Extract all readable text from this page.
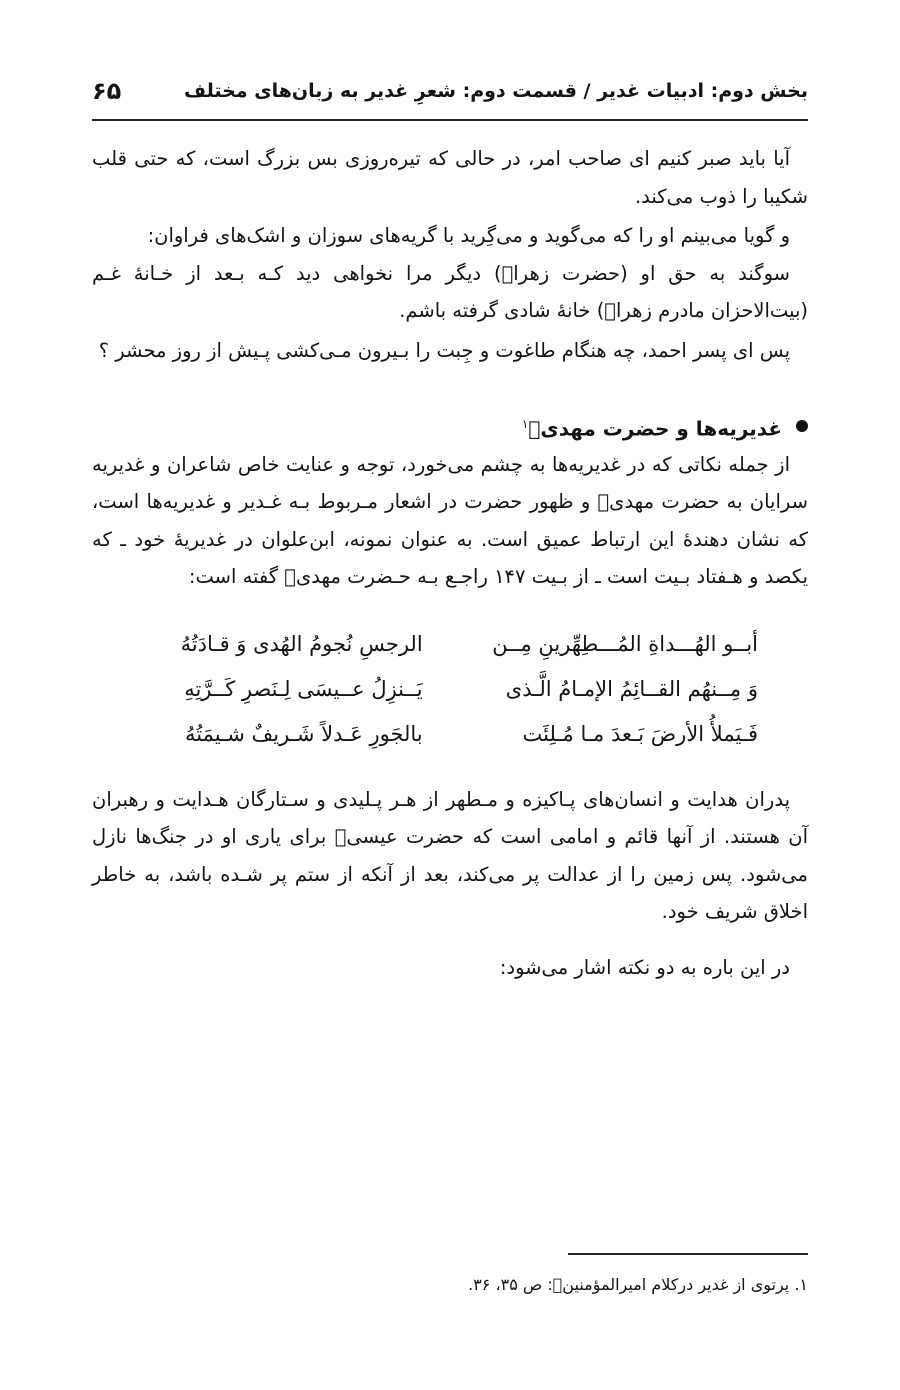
بخش دوم: ادبیات غدیر / قسمت دوم: شعرِ غدیر به زبان‌های مختلف
۶۵

آیا باید صبر کنیم ای صاحب امر، در حالی که تیره‌روزی بس بزرگ است، که حتی قلب شکیبا را ذوب می‌کند.

و گویا می‌بینم او را که می‌گوید و می‌گِرید با گریه‌های سوزان و اشک‌های فراوان:

سوگند به حق او (حضرت زهراؐ) دیگر مرا نخواهی دید کـه بـعد از خـانهٔ غـم (بیت‌الاحزان مادرم زهراؐ) خانهٔ شادی گرفته باشم.

پس ای پسر احمد، چه هنگام طاغوت و جِبت را بـیرون مـی‌کشی پـیش از روز محشر ؟

غدیریه‌ها و حضرت مهدیؐ$^۱$

از جمله نکاتی که در غدیریه‌ها به چشم می‌خورد، توجه و عنایت خاص شاعران و غدیریه سرایان به حضرت مهدیؐ و ظهور حضرت در اشعار مـربوط بـه غـدیر و غدیریه‌ها است، که نشان دهندهٔ این ارتباط عمیق است. به عنوان نمونه، ابن‌علوان در غدیریهٔ خود ـ که یکصد و هـفتاد بـیت است ـ از بـیت ۱۴۷ راجـع بـه حـضرت مهدیؐ گفته است:

أبــو الهُـــداةِ المُـــطِهِّرینِ مِــن
الرجسِ نُجومُ الهُدی وَ قـادَتُهُ
وَ مِــنهُم القــائِمُ الإمـامُ الَّـذی
یَــنزِلُ عــیسَی لِـنَصرِ کَــرَّتِهِ
فَـیَملأُ الأرضَ بَـعدَ مـا مُـلِئَت
بالجَورِ عَـدلاً شَـریفٌ شـیمَتُهُ

پدران هدایت و انسان‌های پـاکیزه و مـطهر از هـر پـلیدی و سـتارگان هـدایت و رهبران آن هستند. از آنها قائم و امامی است که حضرت عیسیؐ برای یاری او در جنگ‌ها نازل می‌شود. پس زمین را از عدالت پر می‌کند، بعد از آنکه از ستم پر شـده باشد، به خاطر اخلاق شریف خود.

در این باره به دو نکته اشار می‌شود:

۱. پرتوی از غدیر درکلام امیرالمؤمنینؐ: ص ۳۵، ۳۶.
